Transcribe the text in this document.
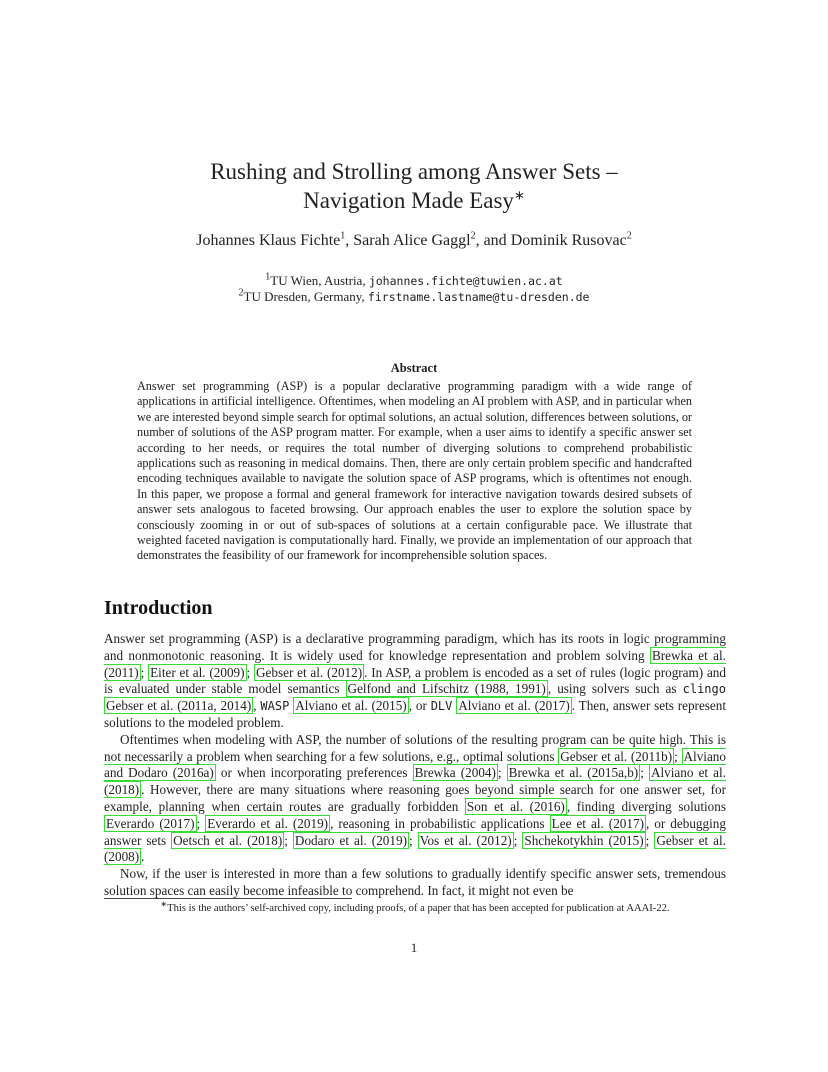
Rushing and Strolling among Answer Sets –
Navigation Made Easy∗
Johannes Klaus Fichte$^1$, Sarah Alice Gaggl$^2$, and Dominik Rusovac$^2$
$^1$TU Wien, Austria, johannes.fichte@tuwien.ac.at
$^2$TU Dresden, Germany, firstname.lastname@tu-dresden.de
Abstract
Answer set programming (ASP) is a popular declarative programming paradigm with a wide range of applications in artificial intelligence. Oftentimes, when modeling an AI problem with ASP, and in particular when we are interested beyond simple search for optimal solutions, an actual solution, differences between solutions, or number of solutions of the ASP program matter. For example, when a user aims to identify a specific answer set according to her needs, or requires the total number of diverging solutions to comprehend probabilistic applications such as reasoning in medical domains. Then, there are only certain problem specific and handcrafted encoding techniques available to navigate the solution space of ASP programs, which is oftentimes not enough. In this paper, we propose a formal and general framework for interactive navigation towards desired subsets of answer sets analogous to faceted browsing. Our approach enables the user to explore the solution space by consciously zooming in or out of sub-spaces of solutions at a certain configurable pace. We illustrate that weighted faceted navigation is computationally hard. Finally, we provide an implementation of our approach that demonstrates the feasibility of our framework for incomprehensible solution spaces.
Introduction

Answer set programming (ASP) is a declarative programming paradigm, which has its roots in logic programming and nonmonotonic reasoning. It is widely used for knowledge representation and problem solving Brewka et al. (2011) ; Eiter et al. (2009) ; Gebser et al. (2012) . In ASP, a problem is encoded as a set of rules (logic program) and is evaluated under stable model semantics Gelfond and Lifschitz (1988, 1991) , using solvers such as clingo Gebser et al. (2011a, 2014) , WASP Alviano et al. (2015) , or DLV Alviano et al. (2017) . Then, answer sets represent solutions to the modeled problem.

Oftentimes when modeling with ASP, the number of solutions of the resulting program can be quite high. This is not necessarily a problem when searching for a few solutions, e.g., optimal solutions Gebser et al. (2011b) ; Alviano and Dodaro (2016a) or when incorporating preferences Brewka (2004) ; Brewka et al. (2015a,b) ; Alviano et al. (2018) . However, there are many situations where reasoning goes beyond simple search for one answer set, for example, planning when certain routes are gradually forbidden Son et al. (2016) , finding diverging solutions Everardo (2017) ; Everardo et al. (2019) , reasoning in probabilistic applications Lee et al. (2017) , or debugging answer sets Oetsch et al. (2018) ; Dodaro et al. (2019) ; Vos et al. (2012) ; Shchekotykhin (2015) ; Gebser et al. (2008) .

Now, if the user is interested in more than a few solutions to gradually identify specific answer sets, tremendous solution spaces can easily become infeasible to comprehend. In fact, it might not even be

∗This is the authors’ self-archived copy, including proofs, of a paper that has been accepted for publication at AAAI-22.
1
